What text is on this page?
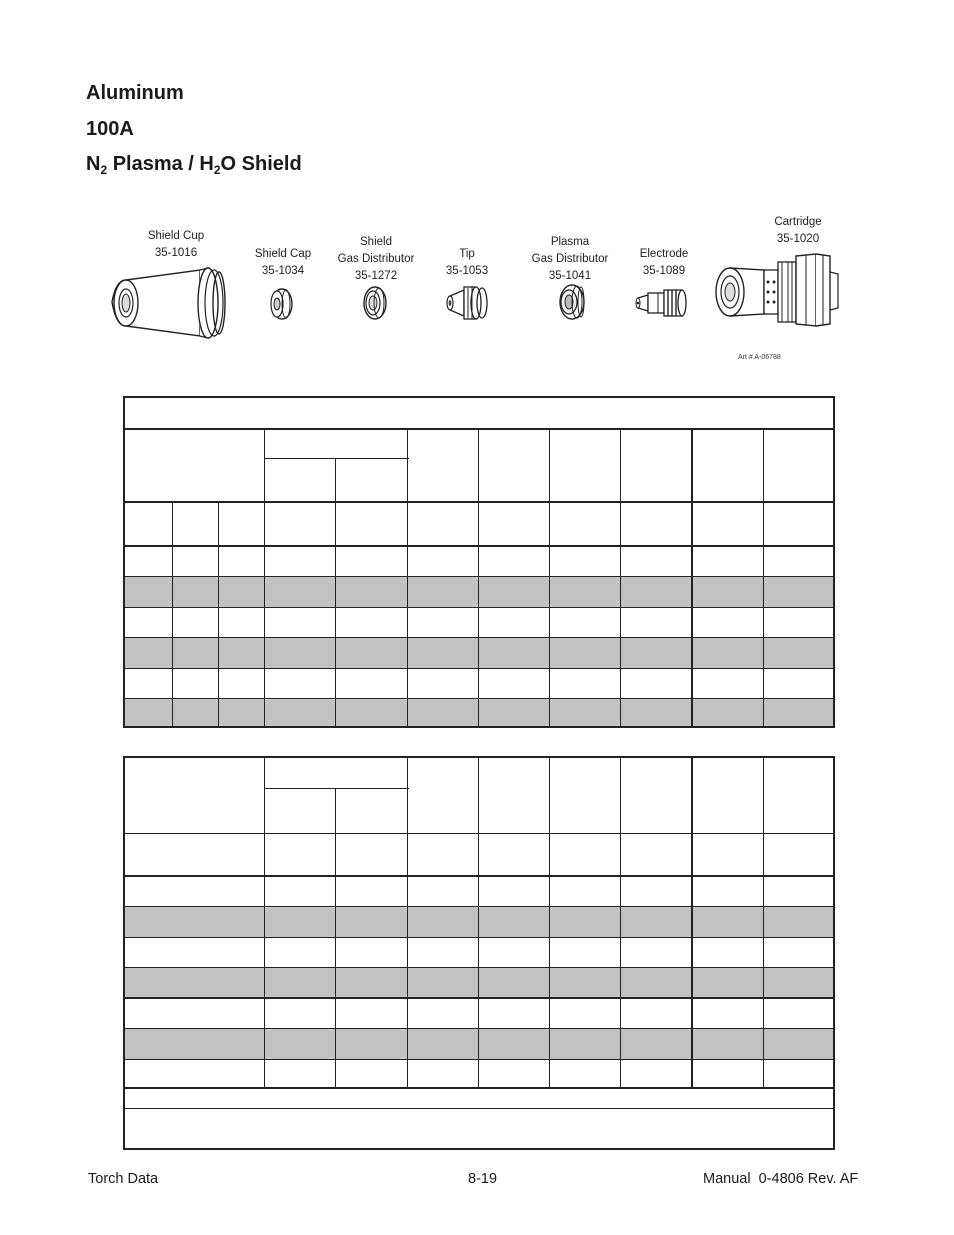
Aluminum
100A
$N_2$ Plasma / $H_2O$ Shield
Shield Cup
35-1016	Shield Cap
35-1034
Shield
Gas Distributor
35-1272
Tip
35-1053
Plasma
Gas Distributor
35-1041
Electrode
35-1089
Cartridge
35-1020
Art # A-06788
Torch Data	8-19	Manual  0-4806 Rev. AF
